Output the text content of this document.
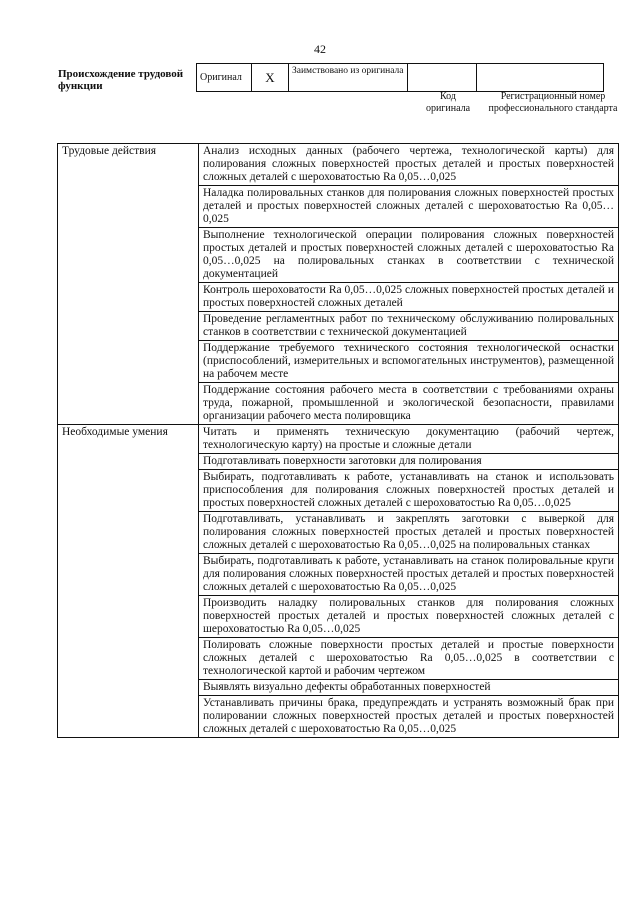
42
Происхождение трудовой функции
Оригинал	X	Заимствовано из оригинала		
Код оригинала
Регистрационный номер профессионального стандарта
Трудовые действия	Анализ исходных данных (рабочего чертежа, технологической карты) для полирования сложных поверхностей простых деталей и простых поверхностей сложных деталей с шероховатостью Ra 0,05…0,025
	Наладка полировальных станков для полирования сложных поверхностей простых деталей и простых поверхностей сложных деталей с шероховатостью Ra 0,05…0,025
	Выполнение технологической операции полирования сложных поверхностей простых деталей и простых поверхностей сложных деталей с шероховатостью Ra 0,05…0,025 на полировальных станках в соответствии с технической документацией
	Контроль шероховатости Ra 0,05…0,025 сложных поверхностей простых деталей и простых поверхностей сложных деталей
	Проведение регламентных работ по техническому обслуживанию полировальных станков в соответствии с технической документацией
	Поддержание требуемого технического состояния технологической оснастки (приспособлений, измерительных и вспомогательных инструментов), размещенной на рабочем месте
	Поддержание состояния рабочего места в соответствии с требованиями охраны труда, пожарной, промышленной и экологической безопасности, правилами организации рабочего места полировщика
Необходимые умения	Читать и применять техническую документацию (рабочий чертеж, технологическую карту) на простые и сложные детали
	Подготавливать поверхности заготовки для полирования
	Выбирать, подготавливать к работе, устанавливать на станок и использовать приспособления для полирования сложных поверхностей простых деталей и простых поверхностей сложных деталей с шероховатостью Ra 0,05…0,025
	Подготавливать, устанавливать и закреплять заготовки с выверкой для полирования сложных поверхностей простых деталей и простых поверхностей сложных деталей с шероховатостью Ra 0,05…0,025 на полировальных станках
	Выбирать, подготавливать к работе, устанавливать на станок полировальные круги для полирования сложных поверхностей простых деталей и простых поверхностей сложных деталей с шероховатостью Ra 0,05…0,025
	Производить наладку полировальных станков для полирования сложных поверхностей простых деталей и простых поверхностей сложных деталей с шероховатостью Ra 0,05…0,025
	Полировать сложные поверхности простых деталей и простые поверхности сложных деталей с шероховатостью Ra 0,05…0,025 в соответствии с технологической картой и рабочим чертежом
	Выявлять визуально дефекты обработанных поверхностей
	Устанавливать причины брака, предупреждать и устранять возможный брак при полировании сложных поверхностей простых деталей и простых поверхностей сложных деталей с шероховатостью Ra 0,05…0,025
